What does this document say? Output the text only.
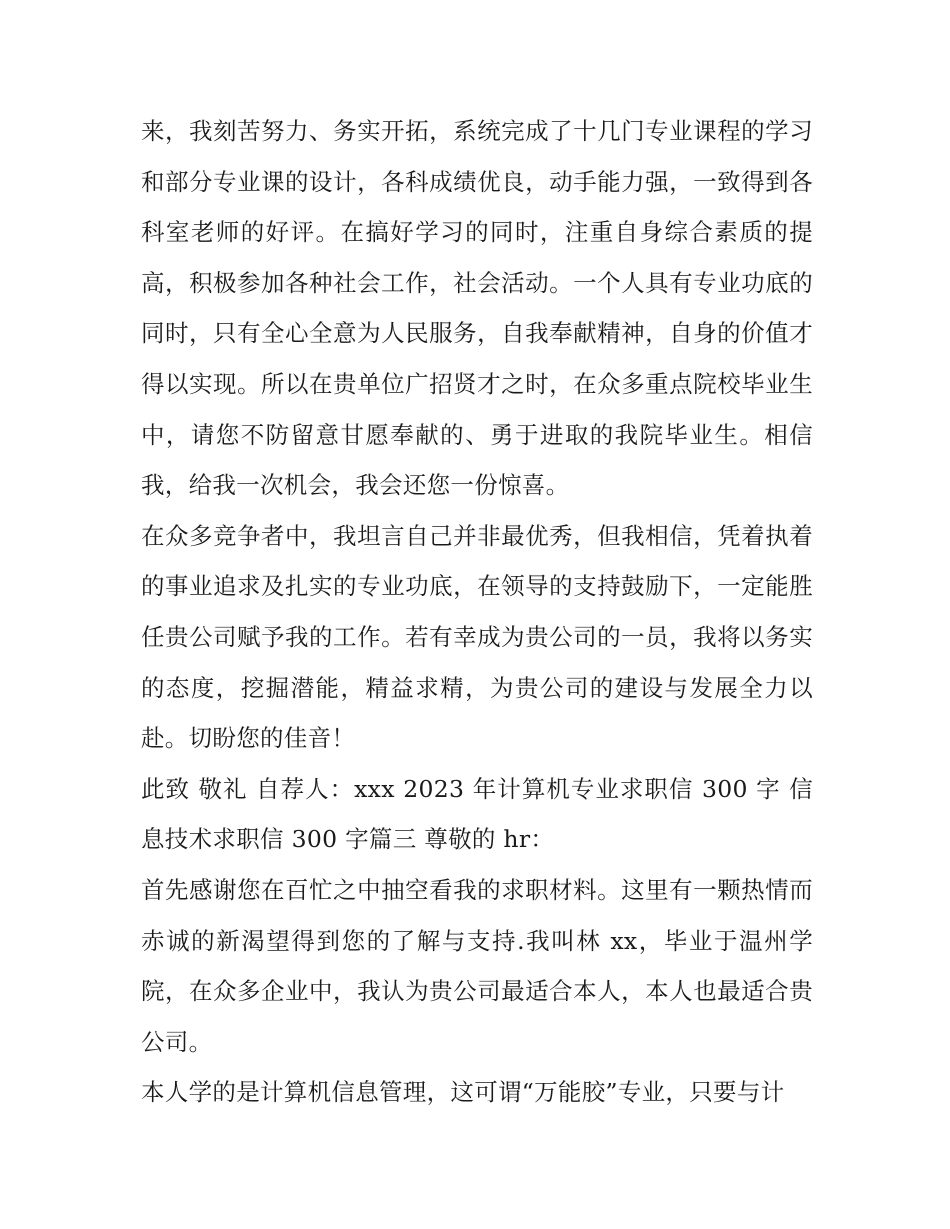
来，我刻苦努力、务实开拓，系统完成了十几门专业课程的学习和部分专业课的设计，各科成绩优良，动手能力强，一致得到各科室老师的好评。在搞好学习的同时，注重自身综合素质的提高，积极参加各种社会工作，社会活动。一个人具有专业功底的同时，只有全心全意为人民服务，自我奉献精神，自身的价值才得以实现。所以在贵单位广招贤才之时，在众多重点院校毕业生中，请您不防留意甘愿奉献的、勇于进取的我院毕业生。相信我，给我一次机会，我会还您一份惊喜。

在众多竞争者中，我坦言自己并非最优秀，但我相信，凭着执着的事业追求及扎实的专业功底，在领导的支持鼓励下，一定能胜任贵公司赋予我的工作。若有幸成为贵公司的一员，我将以务实的态度，挖掘潜能，精益求精，为贵公司的建设与发展全力以赴。切盼您的佳音！

此致 敬礼 自荐人：xxx 2023 年计算机专业求职信 300 字 信息技术求职信 300 字篇三 尊敬的 hr：

首先感谢您在百忙之中抽空看我的求职材料。这里有一颗热情而赤诚的新渴望得到您的了解与支持.我叫林 xx，毕业于温州学院，在众多企业中，我认为贵公司最适合本人，本人也最适合贵公司。

本人学的是计算机信息管理，这可谓“万能胶”专业，只要与计
